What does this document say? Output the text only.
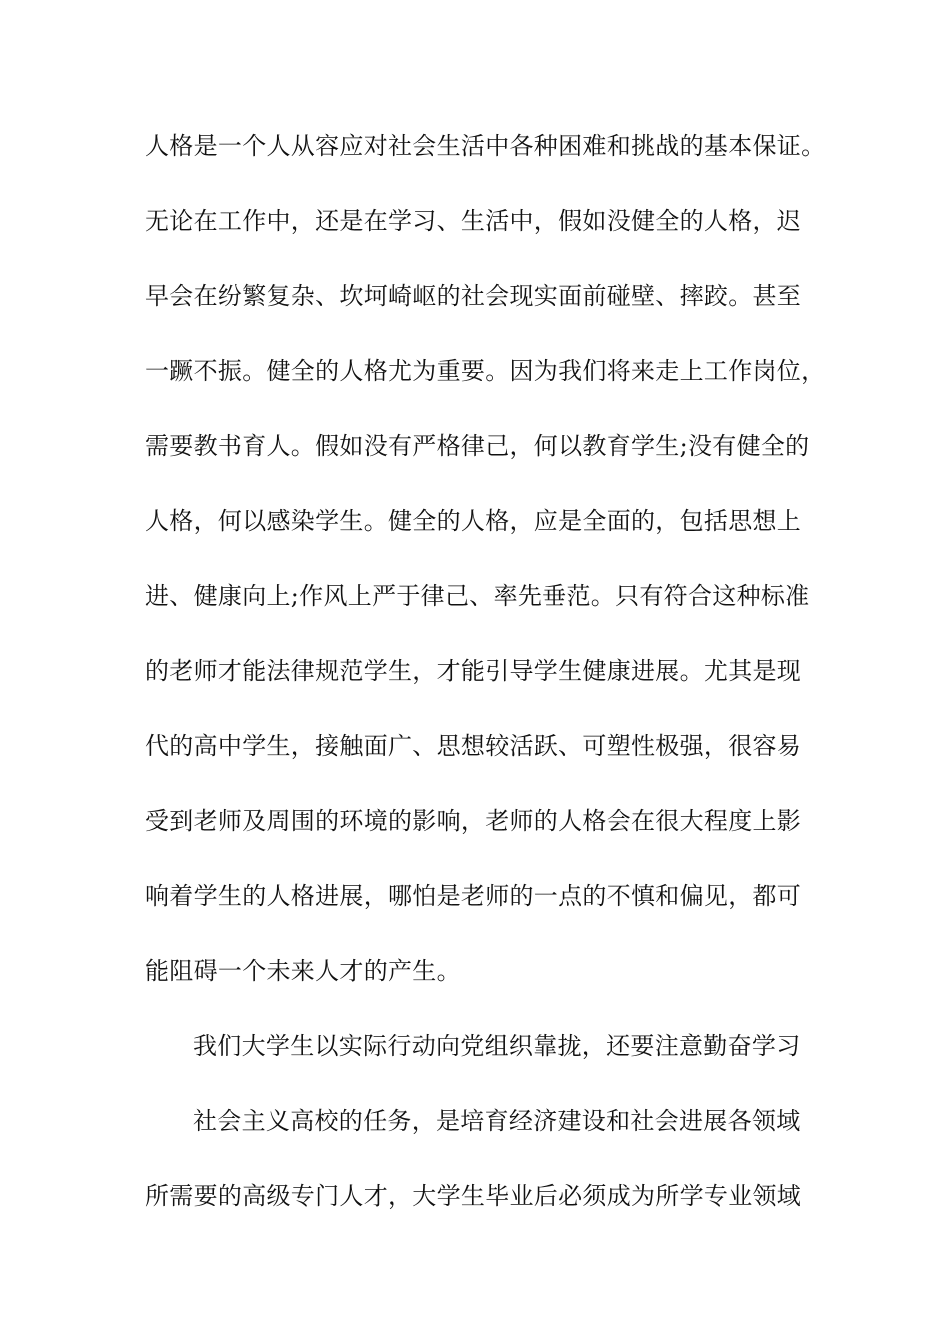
人格是一个人从容应对社会生活中各种困难和挑战的基本保证。
无论在工作中，还是在学习、生活中，假如没健全的人格，迟
早会在纷繁复杂、坎坷崎岖的社会现实面前碰壁、摔跤。甚至
一蹶不振。健全的人格尤为重要。因为我们将来走上工作岗位，
需要教书育人。假如没有严格律己，何以教育学生;没有健全的
人格，何以感染学生。健全的人格，应是全面的，包括思想上
进、健康向上;作风上严于律己、率先垂范。只有符合这种标准
的老师才能法律规范学生，才能引导学生健康进展。尤其是现
代的高中学生，接触面广、思想较活跃、可塑性极强，很容易
受到老师及周围的环境的影响，老师的人格会在很大程度上影
响着学生的人格进展，哪怕是老师的一点的不慎和偏见，都可
能阻碍一个未来人才的产生。
我们大学生以实际行动向党组织靠拢，还要注意勤奋学习
社会主义高校的任务，是培育经济建设和社会进展各领域
所需要的高级专门人才，大学生毕业后必须成为所学专业领域
